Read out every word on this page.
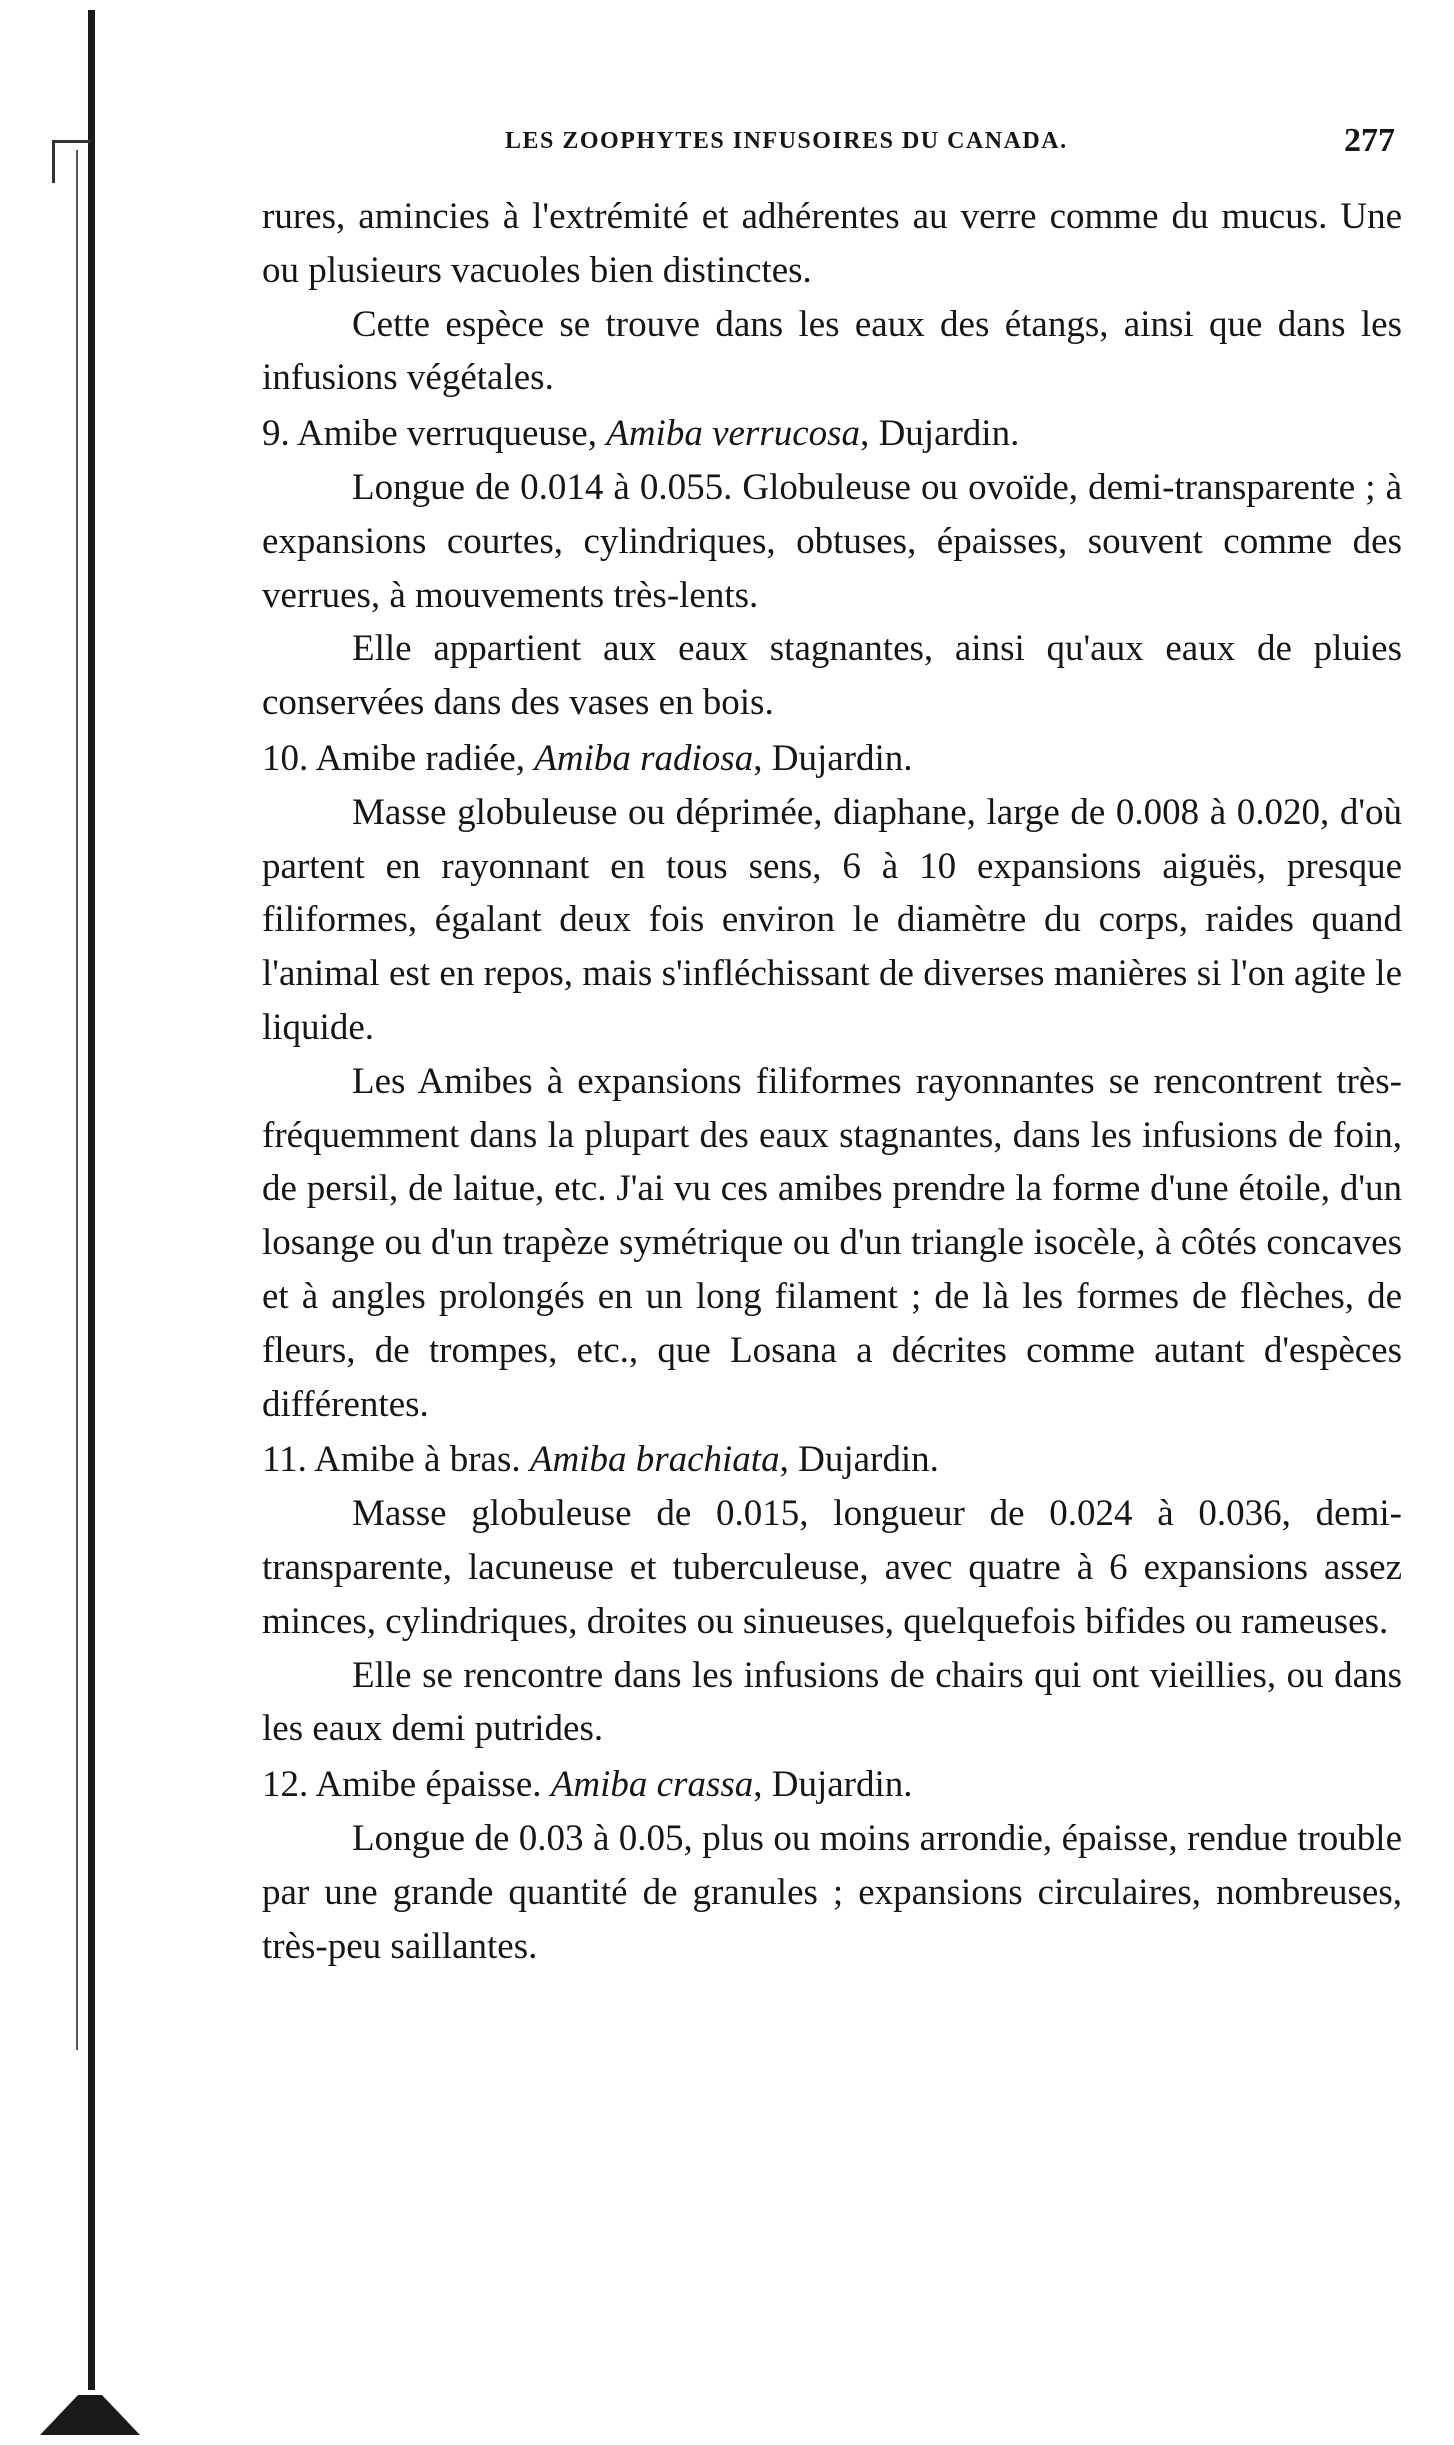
LES ZOOPHYTES INFUSOIRES DU CANADA.	277

rures, amincies à l'extrémité et adhérentes au verre comme du mucus. Une ou plusieurs vacuoles bien distinctes.

Cette espèce se trouve dans les eaux des étangs, ainsi que dans les infusions végétales.

9. Amibe verruqueuse, Amiba verrucosa, Dujardin.

Longue de 0.014 à 0.055. Globuleuse ou ovoïde, demi-transparente ; à expansions courtes, cylindriques, obtuses, épaisses, souvent comme des verrues, à mouvements très-lents.

Elle appartient aux eaux stagnantes, ainsi qu'aux eaux de pluies conservées dans des vases en bois.

10. Amibe radiée, Amiba radiosa, Dujardin.

Masse globuleuse ou déprimée, diaphane, large de 0.008 à 0.020, d'où partent en rayonnant en tous sens, 6 à 10 expansions aiguës, presque filiformes, égalant deux fois environ le diamètre du corps, raides quand l'animal est en repos, mais s'infléchissant de diverses manières si l'on agite le liquide.

Les Amibes à expansions filiformes rayonnantes se rencontrent très-fréquemment dans la plupart des eaux stagnantes, dans les infusions de foin, de persil, de laitue, etc. J'ai vu ces amibes prendre la forme d'une étoile, d'un losange ou d'un trapèze symétrique ou d'un triangle isocèle, à côtés concaves et à angles prolongés en un long filament ; de là les formes de flèches, de fleurs, de trompes, etc., que Losana a décrites comme autant d'espèces différentes.

11. Amibe à bras. Amiba brachiata, Dujardin.

Masse globuleuse de 0.015, longueur de 0.024 à 0.036, demi-transparente, lacuneuse et tuberculeuse, avec quatre à 6 expansions assez minces, cylindriques, droites ou sinueuses, quelquefois bifides ou rameuses.

Elle se rencontre dans les infusions de chairs qui ont vieillies, ou dans les eaux demi putrides.

12. Amibe épaisse. Amiba crassa, Dujardin.

Longue de 0.03 à 0.05, plus ou moins arrondie, épaisse, rendue trouble par une grande quantité de granules ; expansions circulaires, nombreuses, très-peu saillantes.
